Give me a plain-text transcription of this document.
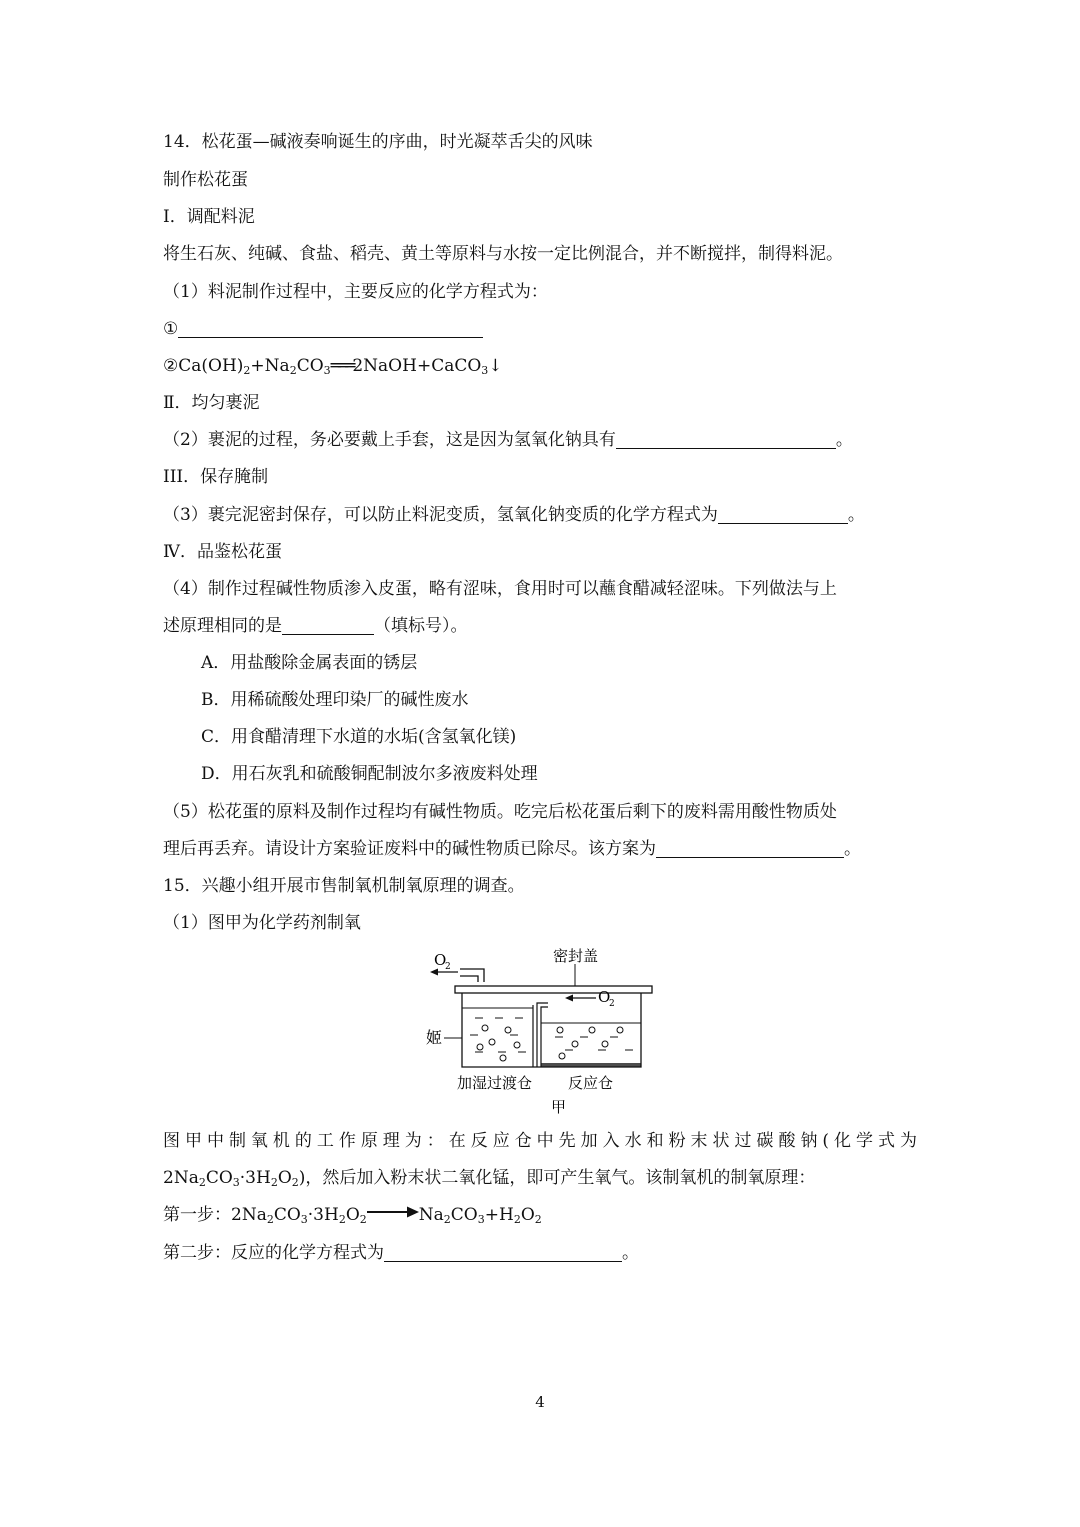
14．松花蛋—碱液奏响诞生的序曲，时光凝萃舌尖的风味
制作松花蛋
Ⅰ．调配料泥
将生石灰、纯碱、食盐、稻壳、黄土等原料与水按一定比例混合，并不断搅拌，制得料泥。
（1）料泥制作过程中，主要反应的化学方程式为：
①
$②Ca(OH)_2+Na_2CO_3═══2NaOH+CaCO_3↓$
Ⅱ．均匀裹泥
（2）裹泥的过程，务必要戴上手套，这是因为氢氧化钠具有	。
III．保存腌制
（3）裹完泥密封保存，可以防止料泥变质，氢氧化钠变质的化学方程式为	。
Ⅳ．品鉴松花蛋
（4）制作过程碱性物质渗入皮蛋，略有涩味，食用时可以蘸食醋减轻涩味。下列做法与上
述原理相同的是	（填标号）。
A．用盐酸除金属表面的锈层
B．用稀硫酸处理印染厂的碱性废水
C．用食醋清理下水道的水垢(含氢氧化镁)
D．用石灰乳和硫酸铜配制波尔多液废料处理
（5）松花蛋的原料及制作过程均有碱性物质。吃完后松花蛋后剩下的废料需用酸性物质处
理后再丢弃。请设计方案验证废料中的碱性物质已除尽。该方案为	。
15．兴趣小组开展市售制氧机制氧原理的调查。
（1）图甲为化学药剂制氧
O
2
密封盖
O
2
姬
加湿过渡仓 反应仓
甲
图甲中制氧机的工作原理为：在反应仓中先加入水和粉末状过碳酸钠(化学式为
$2Na_2CO_3\cdot 3H_2O_2$)，然后加入粉末状二氧化锰，即可产生氧气。该制氧机的制氧原理：
第一步：$2Na_2CO_3\cdot 3H_2O_2 \to Na_2CO_3+H_2O_2$
第二步：反应的化学方程式为	。
4
